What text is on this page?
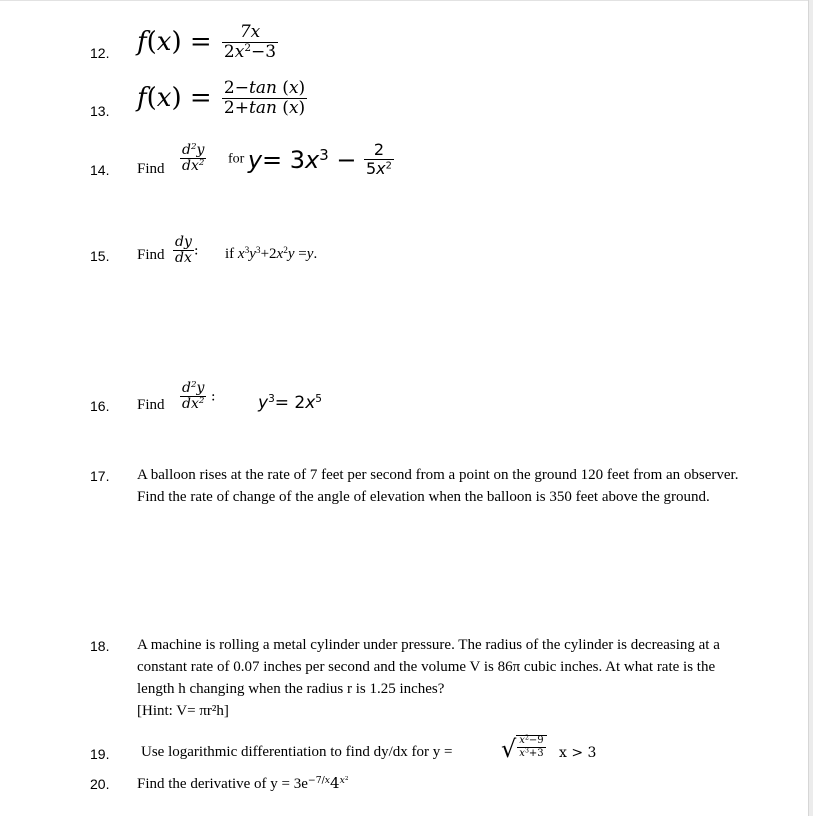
12. $f(x) = \frac{7x}{2x^2-3}$
13. $f(x) = \frac{2-\tan (x)}{2+\tan (x)}$
14. Find $\frac{d^2y}{dx^2}$ for $y= 3x^3 - \frac{2}{5x^2}$
15. Find $\frac{dy}{dx}$ : if $x^3y^3+2x^2y =y$.
16. Find $\frac{d^2y}{dx^2}$ : $y^3= 2x^5$
17. A balloon rises at the rate of 7 feet per second from a point on the ground 120 feet from an observer. Find the rate of change of the angle of elevation when the balloon is 350 feet above the ground.
18. A machine is rolling a metal cylinder under pressure. The radius of the cylinder is decreasing at a constant rate of 0.07 inches per second and the volume V is 86π cubic inches. At what rate is the length h changing when the radius r is 1.25 inches?
[Hint: V= πr²h]
19. Use logarithmic differentiation to find dy/dx for y = √ $\frac{x^2-9}{x^3+3}$ x > 3
20. Find the derivative of $y = 3e^{-7/x}4^{x^2}$
